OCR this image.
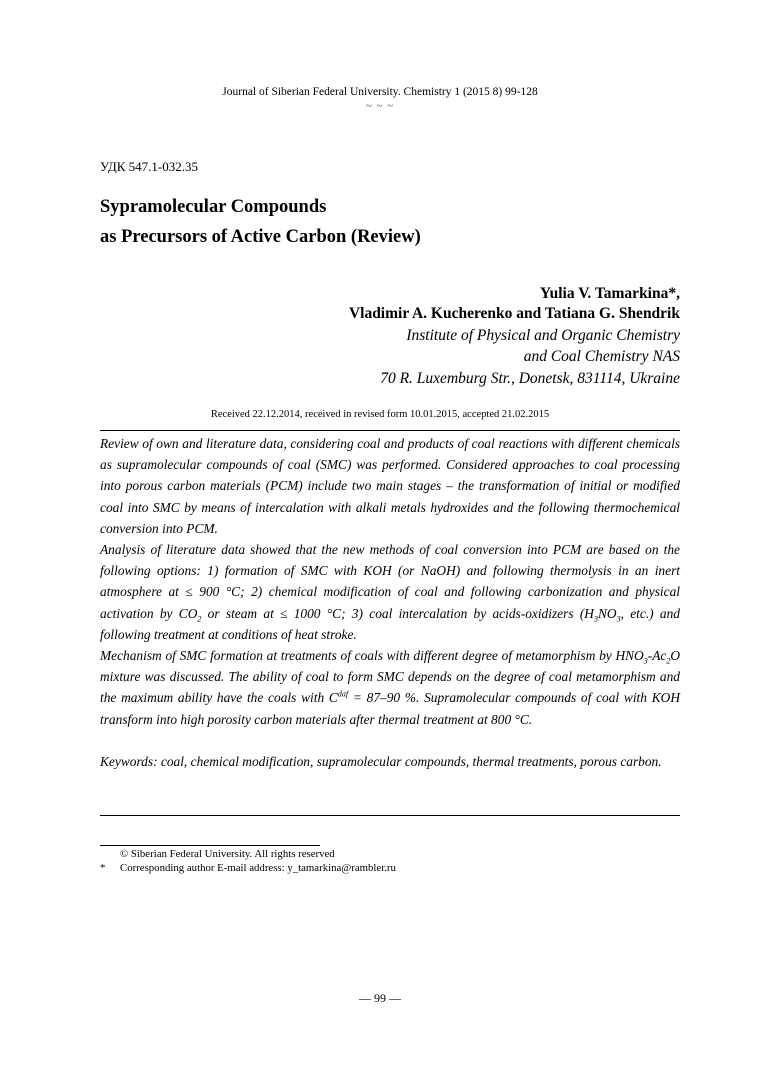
Journal of Siberian Federal University. Chemistry 1 (2015 8) 99-128
~ ~ ~
УДК 547.1-032.35
Sypramolecular Compounds
as Precursors of Active Carbon (Review)
Yulia V. Tamarkina*,
Vladimir A. Kucherenko and Tatiana G. Shendrik
Institute of Physical and Organic Chemistry
and Coal Chemistry NAS
70 R. Luxemburg Str., Donetsk, 831114, Ukraine
Received 22.12.2014, received in revised form 10.01.2015, accepted 21.02.2015

Review of own and literature data, considering coal and products of coal reactions with different chemicals as supramolecular compounds of coal (SMC) was performed. Considered approaches to coal processing into porous carbon materials (PCM) include two main stages – the transformation of initial or modified coal into SMC by means of intercalation with alkali metals hydroxides and the following thermochemical conversion into PCM.

Analysis of literature data showed that the new methods of coal conversion into PCM are based on the following options: 1) formation of SMC with KOH (or NaOH) and following thermolysis in an inert atmosphere at ≤ 900 °С; 2) chemical modification of coal and following carbonization and physical activation by $CO_2$ or steam at ≤ 1000 °С; 3) coal intercalation by acids-oxidizers ($H_3NO_3$, etc.) and following treatment at conditions of heat stroke.

Mechanism of SMC formation at treatments of coals with different degree of metamorphism by $HNO_3-Ac_2O$ mixture was discussed. The ability of coal to form SMC depends on the degree of coal metamorphism and the maximum ability have the coals with $C^{daf} = 87-90$ %. Supramolecular compounds of coal with KOH transform into high porosity carbon materials after thermal treatment at 800 °С.

Keywords: coal, chemical modification, supramolecular compounds, thermal treatments, porous carbon.

© Siberian Federal University. All rights reserved
* Corresponding author E-mail address: y_tamarkina@rambler.ru
— 99 —
